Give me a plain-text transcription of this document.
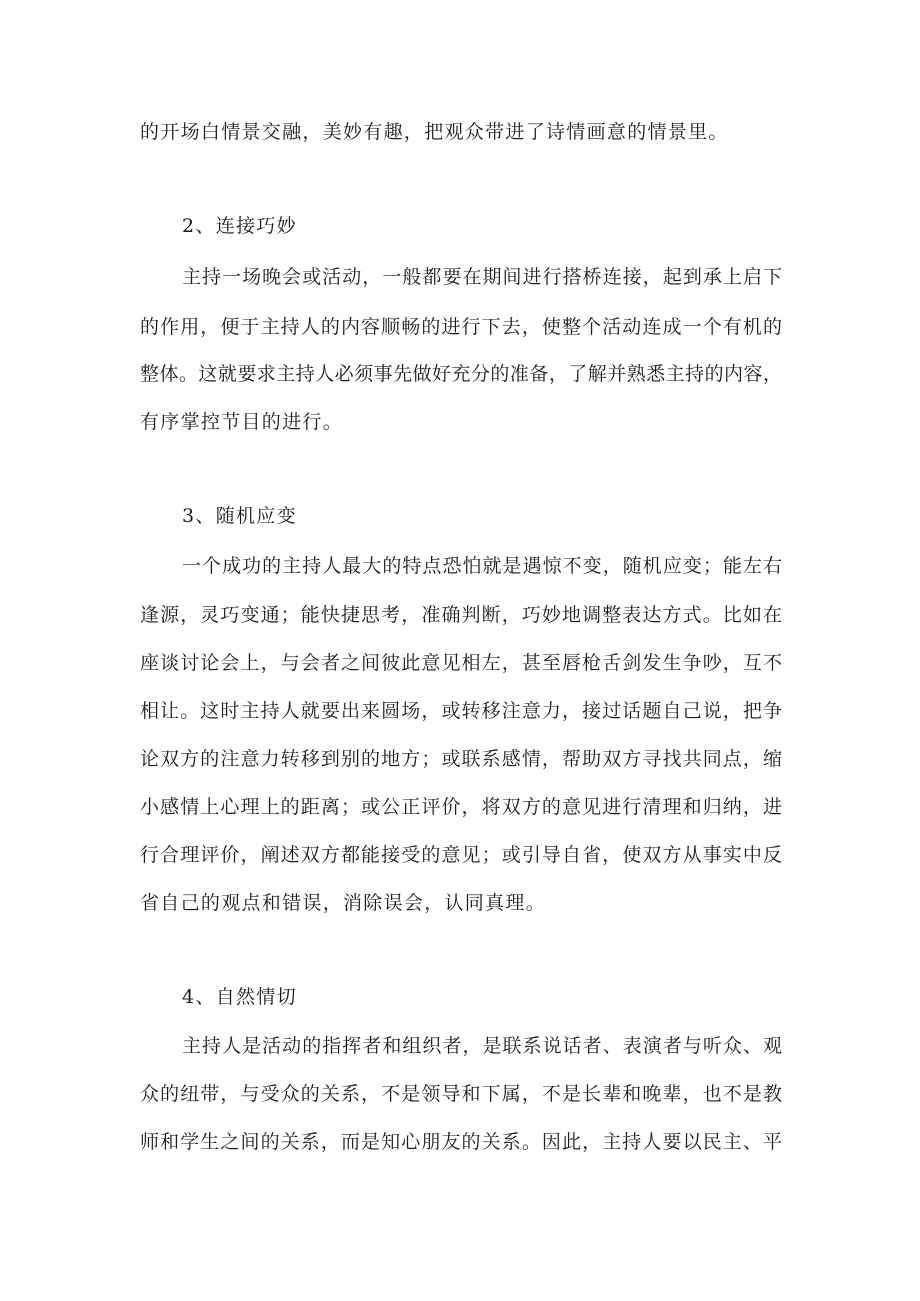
的开场白情景交融，美妙有趣，把观众带进了诗情画意的情景里。
2、连接巧妙
主持一场晚会或活动，一般都要在期间进行搭桥连接，起到承上启下
的作用，便于主持人的内容顺畅的进行下去，使整个活动连成一个有机的
整体。这就要求主持人必须事先做好充分的准备，了解并熟悉主持的内容，
有序掌控节目的进行。
3、随机应变
一个成功的主持人最大的特点恐怕就是遇惊不变，随机应变；能左右
逢源，灵巧变通；能快捷思考，准确判断，巧妙地调整表达方式。比如在
座谈讨论会上，与会者之间彼此意见相左，甚至唇枪舌剑发生争吵，互不
相让。这时主持人就要出来圆场，或转移注意力，接过话题自己说，把争
论双方的注意力转移到别的地方；或联系感情，帮助双方寻找共同点，缩
小感情上心理上的距离；或公正评价，将双方的意见进行清理和归纳，进
行合理评价，阐述双方都能接受的意见；或引导自省，使双方从事实中反
省自己的观点和错误，消除误会，认同真理。
4、自然情切
主持人是活动的指挥者和组织者，是联系说话者、表演者与听众、观
众的纽带，与受众的关系，不是领导和下属，不是长辈和晚辈，也不是教
师和学生之间的关系，而是知心朋友的关系。因此，主持人要以民主、平
